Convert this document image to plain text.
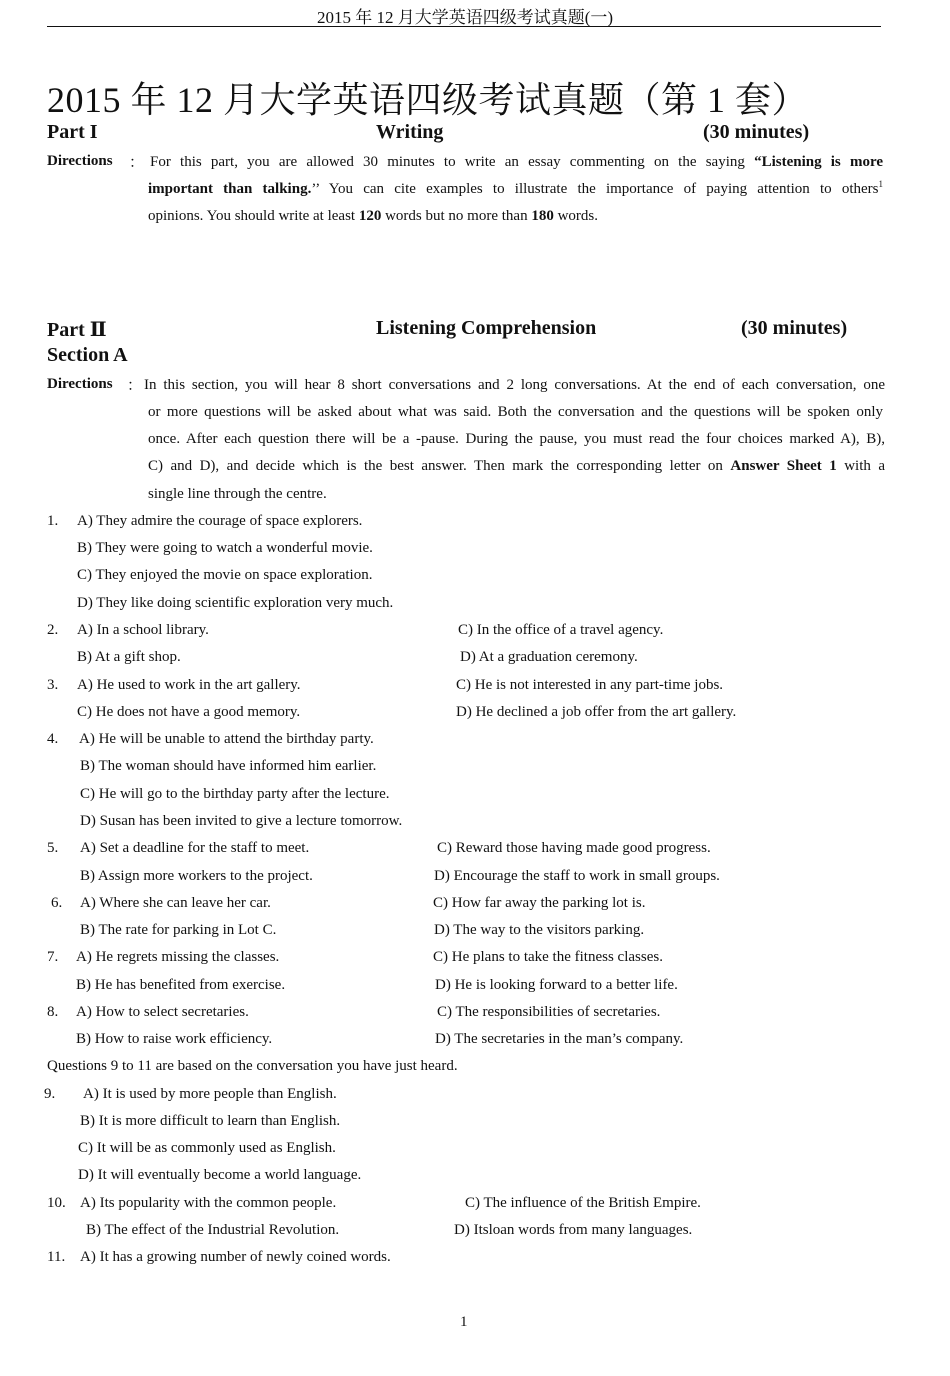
2015 年 12 月大学英语四级考试真题(一)
2015 年 12 月大学英语四级考试真题（第 1 套）
Part I	Writing	(30 minutes)
Directions ： For this part, you are allowed 30 minutes to write an essay commenting on the saying “Listening is more
important than talking.’’ You can cite examples to illustrate the importance of paying attention to others$^1$
opinions. You should write at least 120 words but no more than 180 words.
Part Ⅱ	Listening Comprehension	(30 minutes)
Section A
Directions ： In this section, you will hear 8 short conversations and 2 long conversations. At the end of each conversation, one
or more questions will be asked about what was said. Both the conversation and the questions will be spoken only
once. After each question there will be a -pause. During the pause, you must read the four choices marked A), B),
C) and D), and decide which is the best answer. Then mark the corresponding letter on Answer Sheet 1 with a
single line through the centre.
1. A) They admire the courage of space explorers.
B) They were going to watch a wonderful movie.
C) They enjoyed the movie on space exploration.
D) They like doing scientific exploration very much.
2. A) In a school library.
B) At a gift shop.
C) In the office of a travel agency.
D) At a graduation ceremony.
3. A) He used to work in the art gallery.
C) He does not have a good memory.
C) He is not interested in any part-time jobs.
D) He declined a job offer from the art gallery.
4. A) He will be unable to attend the birthday party.
B) The woman should have informed him earlier.
C) He will go to the birthday party after the lecture.
D) Susan has been invited to give a lecture tomorrow.
5. A) Set a deadline for the staff to meet.
B) Assign more workers to the project.
C) Reward those having made good progress.
D) Encourage the staff to work in small groups.
6. A) Where she can leave her car.
B) The rate for parking in Lot C.
C) How far away the parking lot is.
D) The way to the visitors parking.
7. A) He regrets missing the classes.
B) He has benefited from exercise.
C) He plans to take the fitness classes.
D) He is looking forward to a better life.
8. A) How to select secretaries.
B) How to raise work efficiency.
C) The responsibilities of secretaries.
D) The secretaries in the man’s company.
Questions 9 to 11 are based on the conversation you have just heard.
9. A) It is used by more people than English.
B) It is more difficult to learn than English.
C) It will be as commonly used as English.
D) It will eventually become a world language.
10. A) Its popularity with the common people.
B) The effect of the Industrial Revolution.
C) The influence of the British Empire.
D) Itsloan words from many languages.
11. A) It has a growing number of newly coined words.
1
